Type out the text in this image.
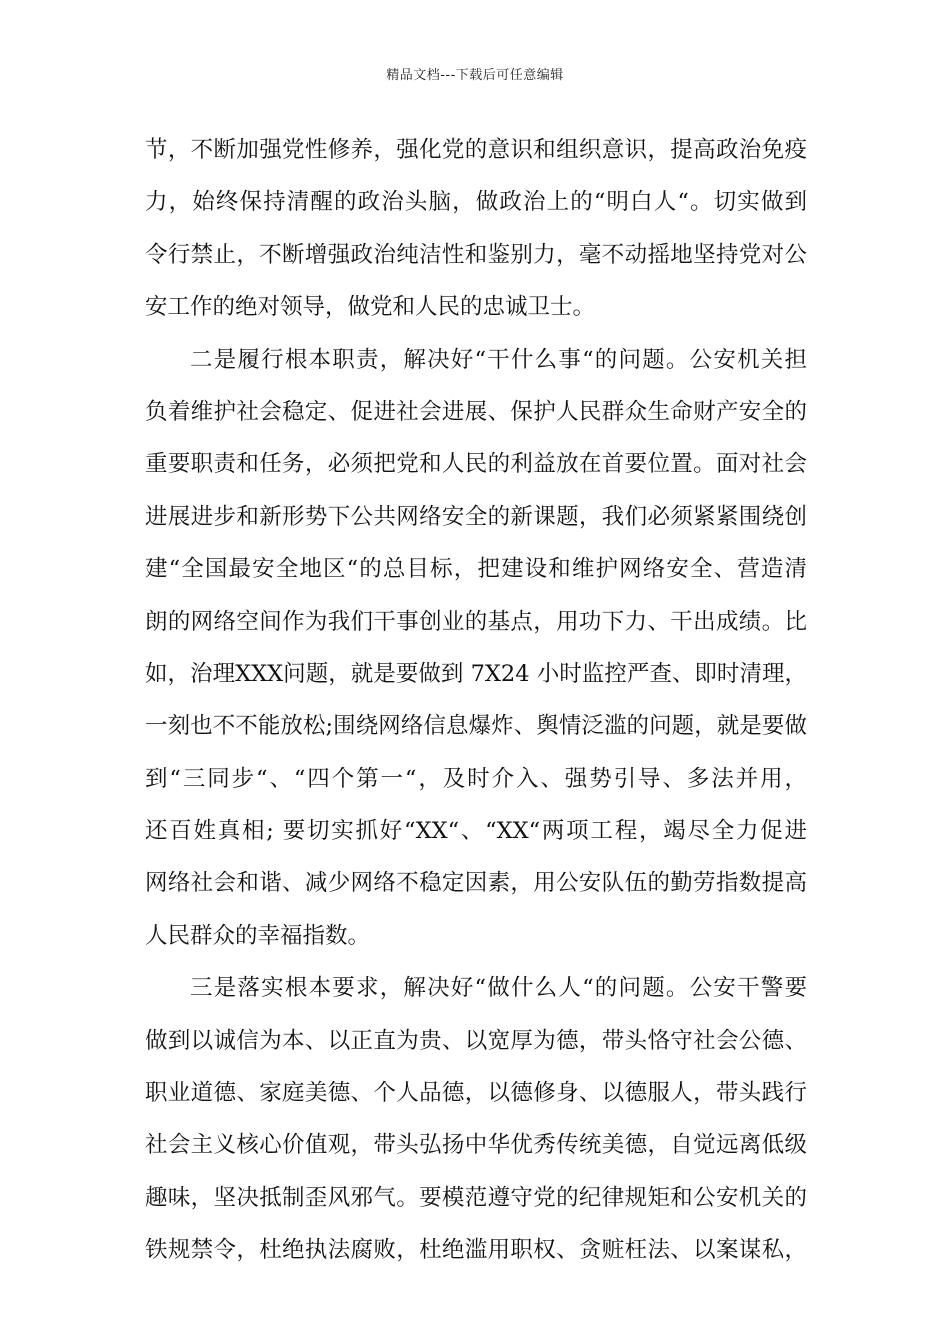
精品文档---下载后可任意编辑
节，不断加强党性修养，强化党的意识和组织意识，提高政治免疫
力，始终保持清醒的政治头脑，做政治上的“明白人“。切实做到
令行禁止，不断增强政治纯洁性和鉴别力，毫不动摇地坚持党对公
安工作的绝对领导，做党和人民的忠诚卫士。
二是履行根本职责，解决好“干什么事“的问题。公安机关担
负着维护社会稳定、促进社会进展、保护人民群众生命财产安全的
重要职责和任务，必须把党和人民的利益放在首要位置。面对社会
进展进步和新形势下公共网络安全的新课题，我们必须紧紧围绕创
建“全国最安全地区“的总目标，把建设和维护网络安全、营造清
朗的网络空间作为我们干事创业的基点，用功下力、干出成绩。比
如，治理XXX问题，就是要做到 7X24 小时监控严查、即时清理，
一刻也不不能放松;围绕网络信息爆炸、舆情泛滥的问题，就是要做
到“三同步“、“四个第一“，及时介入、强势引导、多法并用，
还百姓真相; 要切实抓好“XX“、“XX“两项工程，竭尽全力促进
网络社会和谐、减少网络不稳定因素，用公安队伍的勤劳指数提高
人民群众的幸福指数。
三是落实根本要求，解决好“做什么人“的问题。公安干警要
做到以诚信为本、以正直为贵、以宽厚为德，带头恪守社会公德、
职业道德、家庭美德、个人品德，以德修身、以德服人，带头践行
社会主义核心价值观，带头弘扬中华优秀传统美德，自觉远离低级
趣味，坚决抵制歪风邪气。要模范遵守党的纪律规矩和公安机关的
铁规禁令，杜绝执法腐败，杜绝滥用职权、贪赃枉法、以案谋私，
